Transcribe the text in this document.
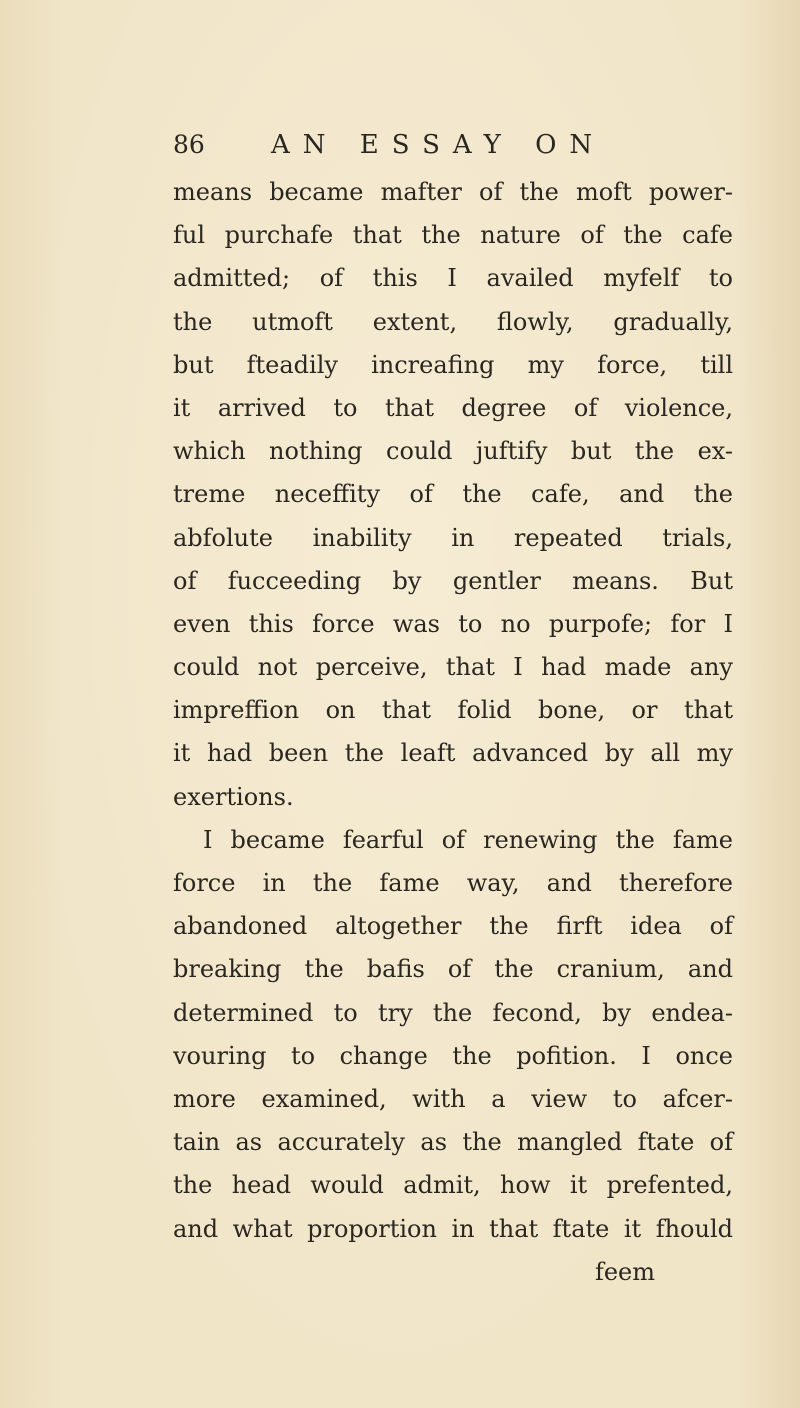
86	AN ESSAY ON
means became mafter of the moft power-
ful purchafe that the nature of the cafe
admitted; of this I availed myfelf to
the utmoft extent, flowly, gradually,
but fteadily increafing my force, till
it arrived to that degree of violence,
which nothing could juftify but the ex-
treme neceffity of the cafe, and the
abfolute inability in repeated trials,
of fucceeding by gentler means. But
even this force was to no purpofe; for I
could not perceive, that I had made any
impreffion on that folid bone, or that
it had been the leaft advanced by all my
exertions.
I became fearful of renewing the fame
force in the fame way, and therefore
abandoned altogether the firft idea of
breaking the bafis of the cranium, and
determined to try the fecond, by endea-
vouring to change the pofition. I once
more examined, with a view to afcer-
tain as accurately as the mangled ftate of
the head would admit, how it prefented,
and what proportion in that ftate it fhould
feem
